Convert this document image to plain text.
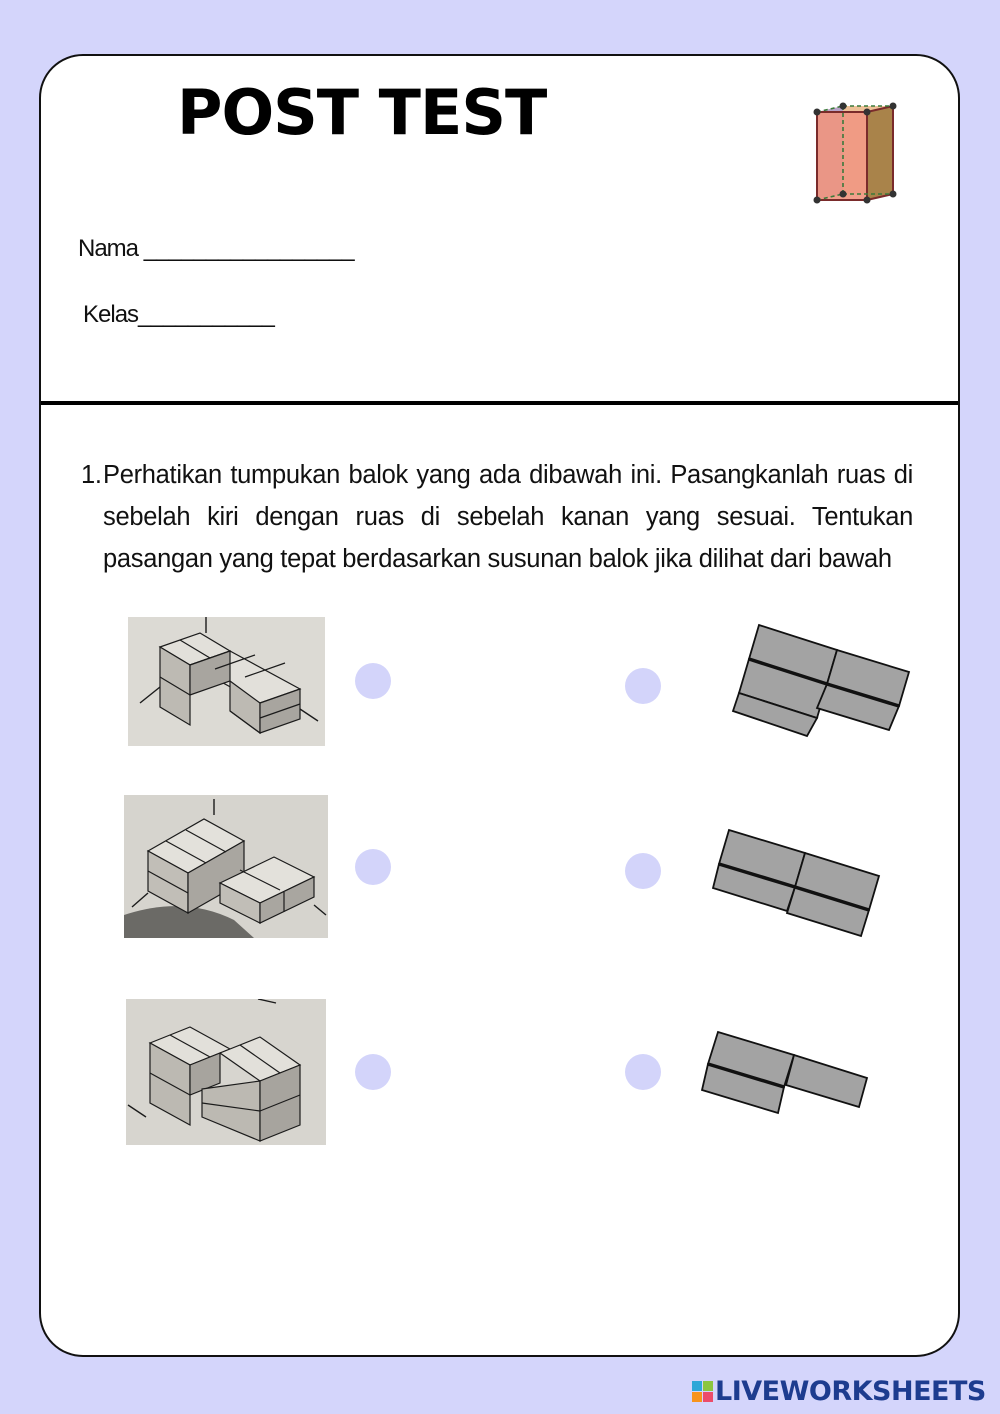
POST TEST
Nama _________________
Kelas___________
1. Perhatikan tumpukan balok yang ada dibawah ini. Pasangkanlah ruas di sebelah kiri dengan ruas di sebelah kanan yang sesuai. Tentukan pasangan yang tepat berdasarkan susunan balok jika dilihat dari bawah
LIVEWORKSHEETS
